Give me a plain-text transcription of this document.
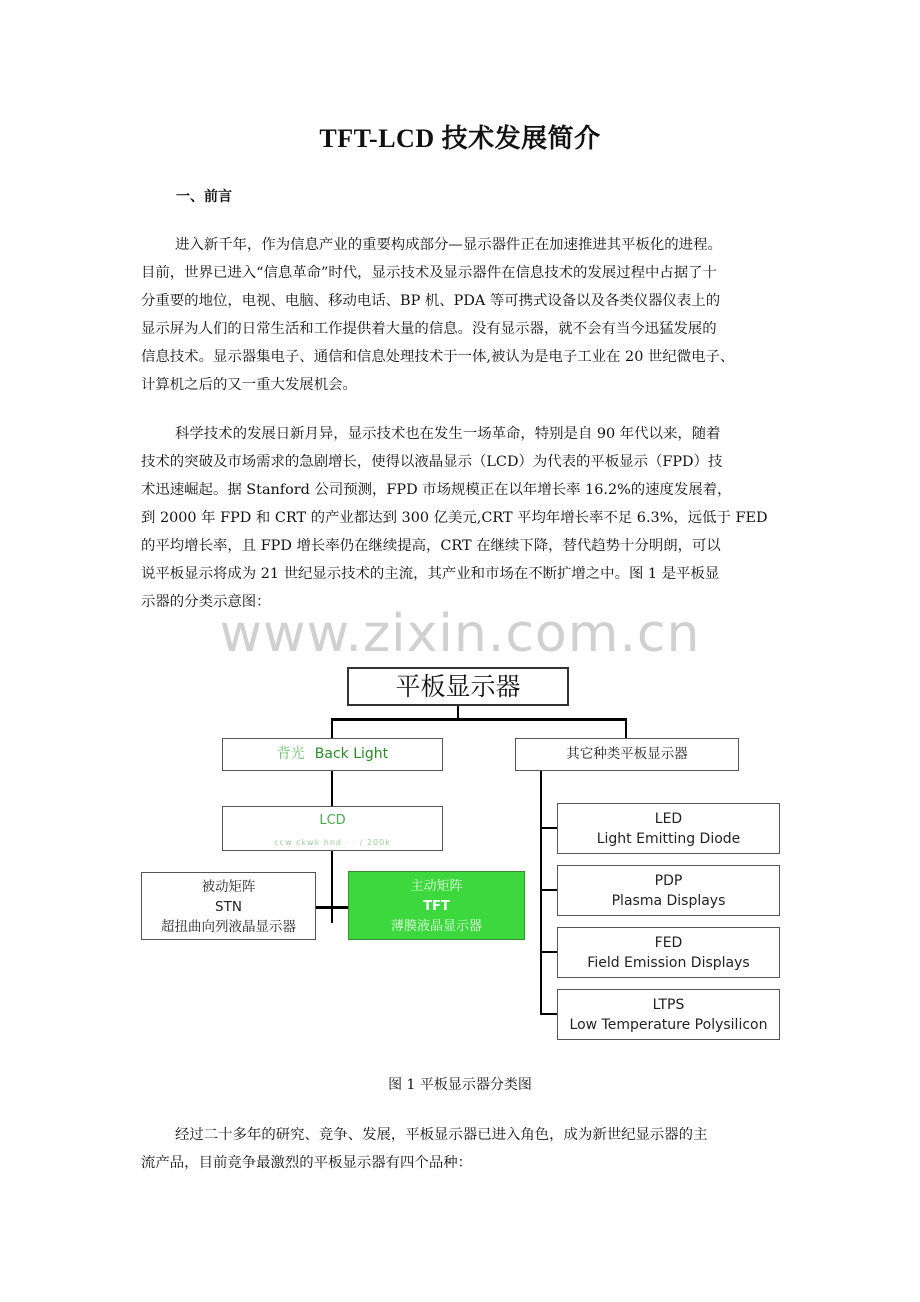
TFT-LCD 技术发展简介
一、前言
进入新千年，作为信息产业的重要构成部分—显示器件正在加速推进其平板化的进程。
目前，世界已进入“信息革命”时代，显示技术及显示器件在信息技术的发展过程中占据了十
分重要的地位，电视、电脑、移动电话、BP 机、PDA 等可携式设备以及各类仪器仪表上的
显示屏为人们的日常生活和工作提供着大量的信息。没有显示器，就不会有当今迅猛发展的
信息技术。显示器集电子、通信和信息处理技术于一体,被认为是电子工业在 20 世纪微电子、
计算机之后的又一重大发展机会。
科学技术的发展日新月异，显示技术也在发生一场革命，特别是自 90 年代以来，随着
技术的突破及市场需求的急剧增长，使得以液晶显示（LCD）为代表的平板显示（FPD）技
术迅速崛起。据 Stanford 公司预测，FPD 市场规模正在以年增长率 16.2%的速度发展着，
到 2000 年 FPD 和 CRT 的产业都达到 300 亿美元,CRT 平均年增长率不足 6.3%，远低于 FED
的平均增长率，且 FPD 增长率仍在继续提高，CRT 在继续下降，替代趋势十分明朗，可以
说平板显示将成为 21 世纪显示技术的主流，其产业和市场在不断扩增之中。图 1 是平板显
示器的分类示意图：
www.zixin.com.cn
平板显示器
背光 Back Light	其它种类平板显示器
LCD
ccw ckwk hnd · · / 200k
被动矩阵
STN
超扭曲向列液晶显示器
主动矩阵
TFT
薄膜液晶显示器
LED
Light Emitting Diode
PDP
Plasma Displays
FED
Field Emission Displays
LTPS
Low Temperature Polysilicon
图 1 平板显示器分类图
经过二十多年的研究、竞争、发展，平板显示器已进入角色，成为新世纪显示器的主
流产品，目前竞争最激烈的平板显示器有四个品种：
